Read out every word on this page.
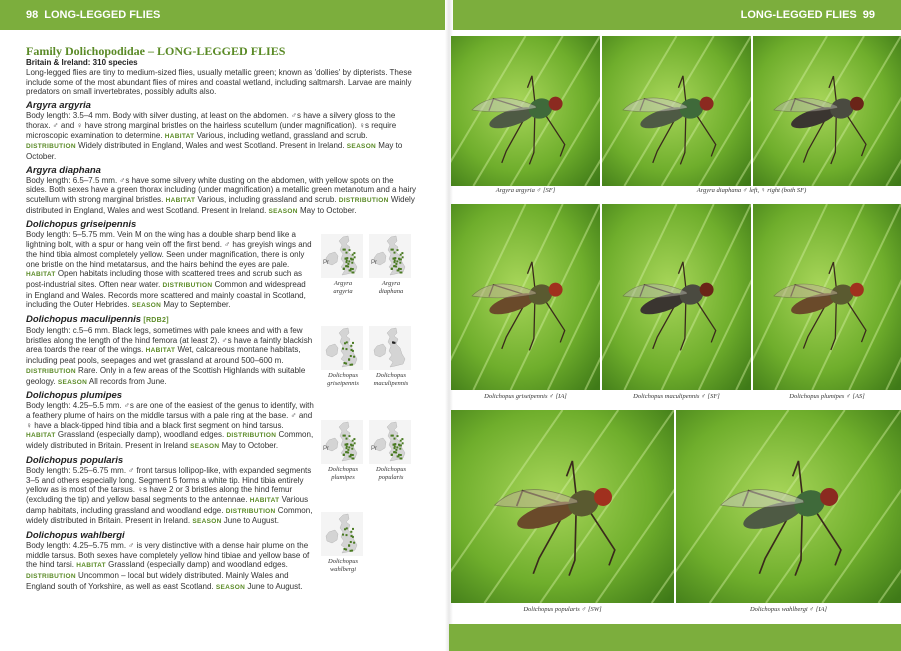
98 LONG-LEGGED FLIES	LONG-LEGGED FLIES 99

Family Dolichopodidae – LONG-LEGGED FLIES

Britain & Ireland: 310 species

Long-legged flies are tiny to medium-sized flies, usually metallic green; known as 'dollies' by dipterists. These include some of the most abundant flies of mires and coastal wetland, including saltmarsh. Larvae are mainly predators on small invertebrates, possibly adults also.

Argyra argyria

Body length: 3.5–4 mm. Body with silver dusting, at least on the abdomen. ♂s have a silvery gloss to the thorax. ♂ and ♀ have strong marginal bristles on the hairless scutellum (under magnification). ♀s require microscopic examination to determine. HABITAT Various, including wetland, grassland and scrub. DISTRIBUTION Widely distributed in England, Wales and west Scotland. Present in Ireland. SEASON May to October.

Argyra diaphana

Body length: 6.5–7.5 mm. ♂s have some silvery white dusting on the abdomen, with yellow spots on the sides. Both sexes have a green thorax including (under magnification) a metallic green metanotum and a hairy scutellum with strong marginal bristles. HABITAT Various, including grassland and scrub. DISTRIBUTION Widely distributed in England, Wales and west Scotland. Present in Ireland. SEASON May to October.

Dolichopus griseipennis

Body length: 5–5.75 mm. Vein M on the wing has a double sharp bend like a lightning bolt, with a spur or hang vein off the first bend. ♂ has greyish wings and the hind tibia almost completely yellow. Seen under magnification, there is only one bristle on the hind metatarsus, and the hairs behind the eyes are pale. HABITAT Open habitats including those with scattered trees and scrub such as post-industrial sites. Often near water. DISTRIBUTION Common and widespread in England and Wales. Records more scattered and mainly coastal in Scotland, including the Outer Hebrides. SEASON May to September.

Dolichopus maculipennis [RDB2]

Body length: c.5–6 mm. Black legs, sometimes with pale knees and with a few bristles along the length of the hind femora (at least 2). ♂s have a faintly blackish area toards the rear of the wings. HABITAT Wet, calcareous montane habitats, including peat pools, seepages and wet grassland at around 500–600 m. DISTRIBUTION Rare. Only in a few areas of the Scottish Highlands with suitable geology. SEASON All records from June.

Dolichopus plumipes

Body length: 4.25–5.5 mm. ♂s are one of the easiest of the genus to identify, with a feathery plume of hairs on the middle tarsus with a pale ring at the base. ♂ and ♀ have a black-tipped hind tibia and a black first segment on hind tarsus. HABITAT Grassland (especially damp), woodland edges. DISTRIBUTION Common, widely distributed in Britain. Present in Ireland SEASON May to October.

Dolichopus popularis

Body length: 5.25–6.75 mm. ♂ front tarsus lollipop-like, with expanded segments 3–5 and others especially long. Segment 5 forms a white tip. Hind tibia entirely yellow as is most of the tarsus. ♀s have 2 or 3 bristles along the hind femur (excluding the tip) and yellow basal segments to the antennae. HABITAT Various damp habitats, including grassland and woodland edge. DISTRIBUTION Common, widely distributed in Britain. Present in Ireland. SEASON June to August.

Dolichopus wahlbergi

Body length: 4.25–5.75 mm. ♂ is very distinctive with a dense hair plume on the middle tarsus. Both sexes have completely yellow hind tibiae and yellow base of the hind tarsi. HABITAT Grassland (especially damp) and woodland edges. DISTRIBUTION Uncommon – local but widely distributed. Mainly Wales and England south of Yorkshire, as well as east Scotland. SEASON June to August.

Pr
Argyra
argyria
Pr
Argyra
diaphana
Dolichopus
griseipennis
Dolichopus
maculipennis
Pr
Dolichopus
plumipes
Pr
Dolichopus
popularis
Dolichopus
wahlbergi
Argyra argyria ♂ [SF]	Argyra diaphana ♂ left, ♀ right (both SF)
Dolichopus griseipennis ♂ [IA]	Dolichopus maculipennis ♂ [SF]	Dolichopus plumipes ♂ [AS]
Dolichopus popularis ♂ [SW]	Dolichopus wahlbergi ♂ [IA]
